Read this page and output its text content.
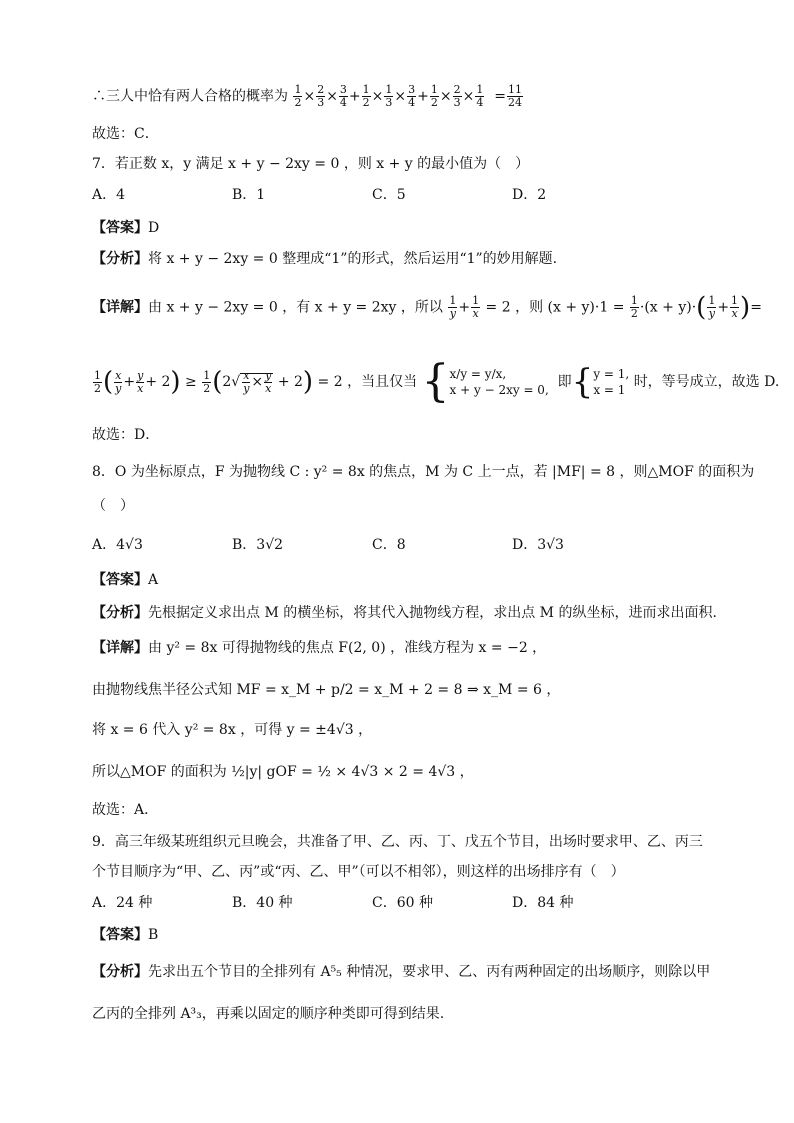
∴三人中恰有两人合格的概率为 $\frac{1}{2} \times \frac{2}{3} \times \frac{3}{4} + \frac{1}{2} \times \frac{1}{3} \times \frac{3}{4} + \frac{1}{2} \times \frac{2}{3} \times \frac{1}{4} = \frac{11}{24}$
故选：C．
7．若正数 x，y 满足 x + y − 2xy = 0 ，则 x + y 的最小值为（　）
A．4	B．1	C．5	D．2
【答案】D
【分析】将 x + y − 2xy = 0 整理成“1”的形式，然后运用“1”的妙用解题.
【详解】由 x + y − 2xy = 0 ，有 x + y = 2xy ，所以 $\frac{1}{y} + \frac{1}{x} = 2$ ，则 $(x + y)\cdot 1 = \frac{1}{2} \cdot(x + y)\cdot( \frac{1}{y} + \frac{1}{x}$ )=
$\frac{1}{2}$ ( $\frac{x}{y} + \frac{y}{x} + 2) \ge \frac{1}{2} (2√ \frac{x}{y} \times \frac{y}{x} + 2) = 2$ ，当且仅当 { x/y = y/x,
x + y − 2xy = 0, 即{ y = 1,
x = 1 时，等号成立，故选 D.
故选：D．
8．O 为坐标原点，F 为抛物线 C : y² = 8x 的焦点，M 为 C 上一点，若 |MF| = 8 ，则△MOF 的面积为
（　）
A．4√3	B．3√2	C．8	D．3√3
【答案】A
【分析】先根据定义求出点 M 的横坐标，将其代入抛物线方程，求出点 M 的纵坐标，进而求出面积.
【详解】由 y² = 8x 可得抛物线的焦点 F(2, 0) ，准线方程为 x = −2 ，
由抛物线焦半径公式知 MF = x_M + p/2 = x_M + 2 = 8 ⇒ x_M = 6 ，
将 x = 6 代入 y² = 8x ，可得 y = ±4√3 ，
所以△MOF 的面积为 ½|y| gOF = ½ × 4√3 × 2 = 4√3 ，
故选：A．
9．高三年级某班组织元旦晚会，共准备了甲、乙、丙、丁、戊五个节目，出场时要求甲、乙、丙三
个节目顺序为“甲、乙、丙”或“丙、乙、甲”（可以不相邻），则这样的出场排序有（　）
A．24 种	B．40 种	C．60 种	D．84 种
【答案】B
【分析】先求出五个节目的全排列有 A⁵₅ 种情况，要求甲、乙、丙有两种固定的出场顺序，则除以甲
乙丙的全排列 A³₃，再乘以固定的顺序种类即可得到结果.
